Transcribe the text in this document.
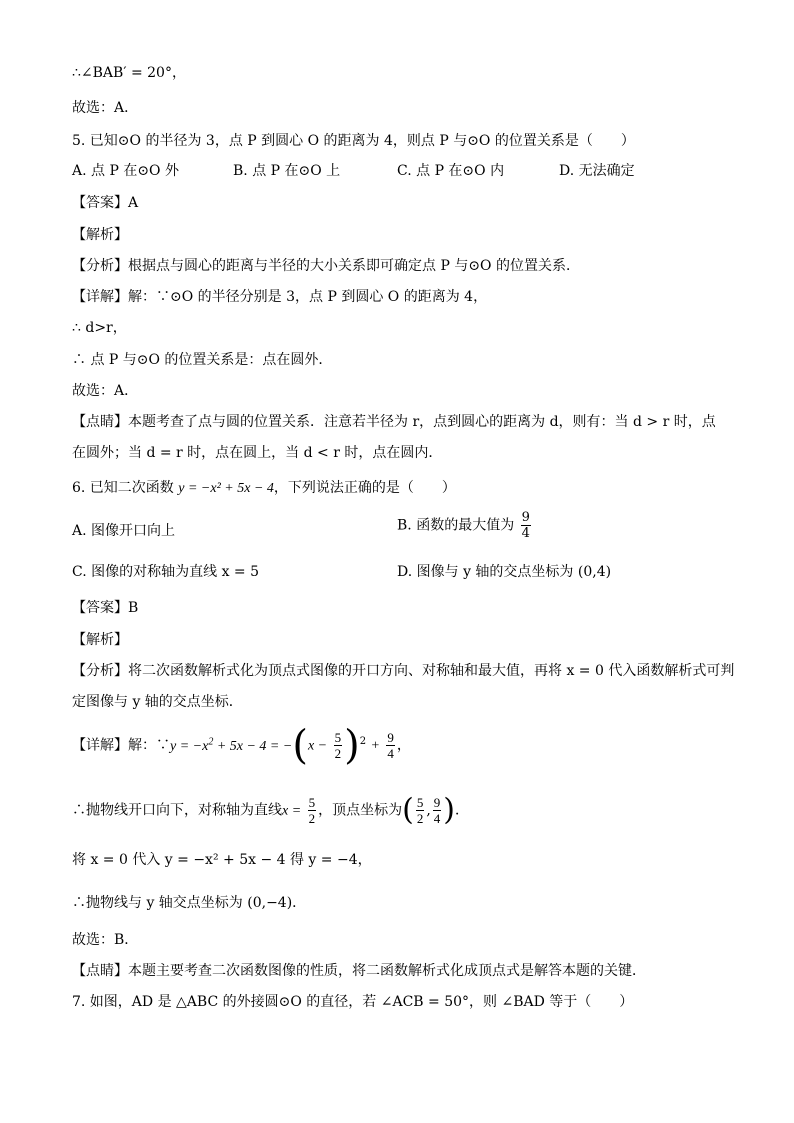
∴∠BAB′ = 20°，
故选：A．
5. 已知⊙O 的半径为 3，点 P 到圆心 O 的距离为 4，则点 P 与⊙O 的位置关系是（　　）
A. 点 P 在⊙O 外	B. 点 P 在⊙O 上	C. 点 P 在⊙O 内	D. 无法确定
【答案】A
【解析】
【分析】根据点与圆心的距离与半径的大小关系即可确定点 P 与⊙O 的位置关系．
【详解】解：∵⊙O 的半径分别是 3，点 P 到圆心 O 的距离为 4，
∴ d>r，
∴ 点 P 与⊙O 的位置关系是：点在圆外．
故选：A．
【点睛】本题考查了点与圆的位置关系．注意若半径为 r，点到圆心的距离为 d，则有：当 d > r 时，点
在圆外；当 d = r 时，点在圆上，当 d < r 时，点在圆内．
6. 已知二次函数 y = −x² + 5x − 4，下列说法正确的是（　　）
A. 图像开口向上	B. 函数的最大值为 $\frac{9}{4}$
C. 图像的对称轴为直线 x = 5	D. 图像与 y 轴的交点坐标为 (0,4)
【答案】B
【解析】
【分析】将二次函数解析式化为顶点式图像的开口方向、对称轴和最大值，再将 x = 0 代入函数解析式可判
定图像与 y 轴的交点坐标．
【详解】解：∵y = $-x^2 + 5x - 4 = -(x - \frac{5}{2} )^2 + \frac{9}{4}$ ，
∴抛物线开口向下，对称轴为直线$x = \frac{5}{2}$ ，顶点坐标为( $\frac{5}{2}$ , $\frac{9}{4}$ )．
将 x = 0 代入 y = −x² + 5x − 4 得 y = −4，
∴抛物线与 y 轴交点坐标为 (0,−4)．
故选：B．
【点睛】本题主要考查二次函数图像的性质，将二函数解析式化成顶点式是解答本题的关键．
7. 如图，AD 是 △ABC 的外接圆⊙O 的直径，若 ∠ACB = 50°，则 ∠BAD 等于（　　）
